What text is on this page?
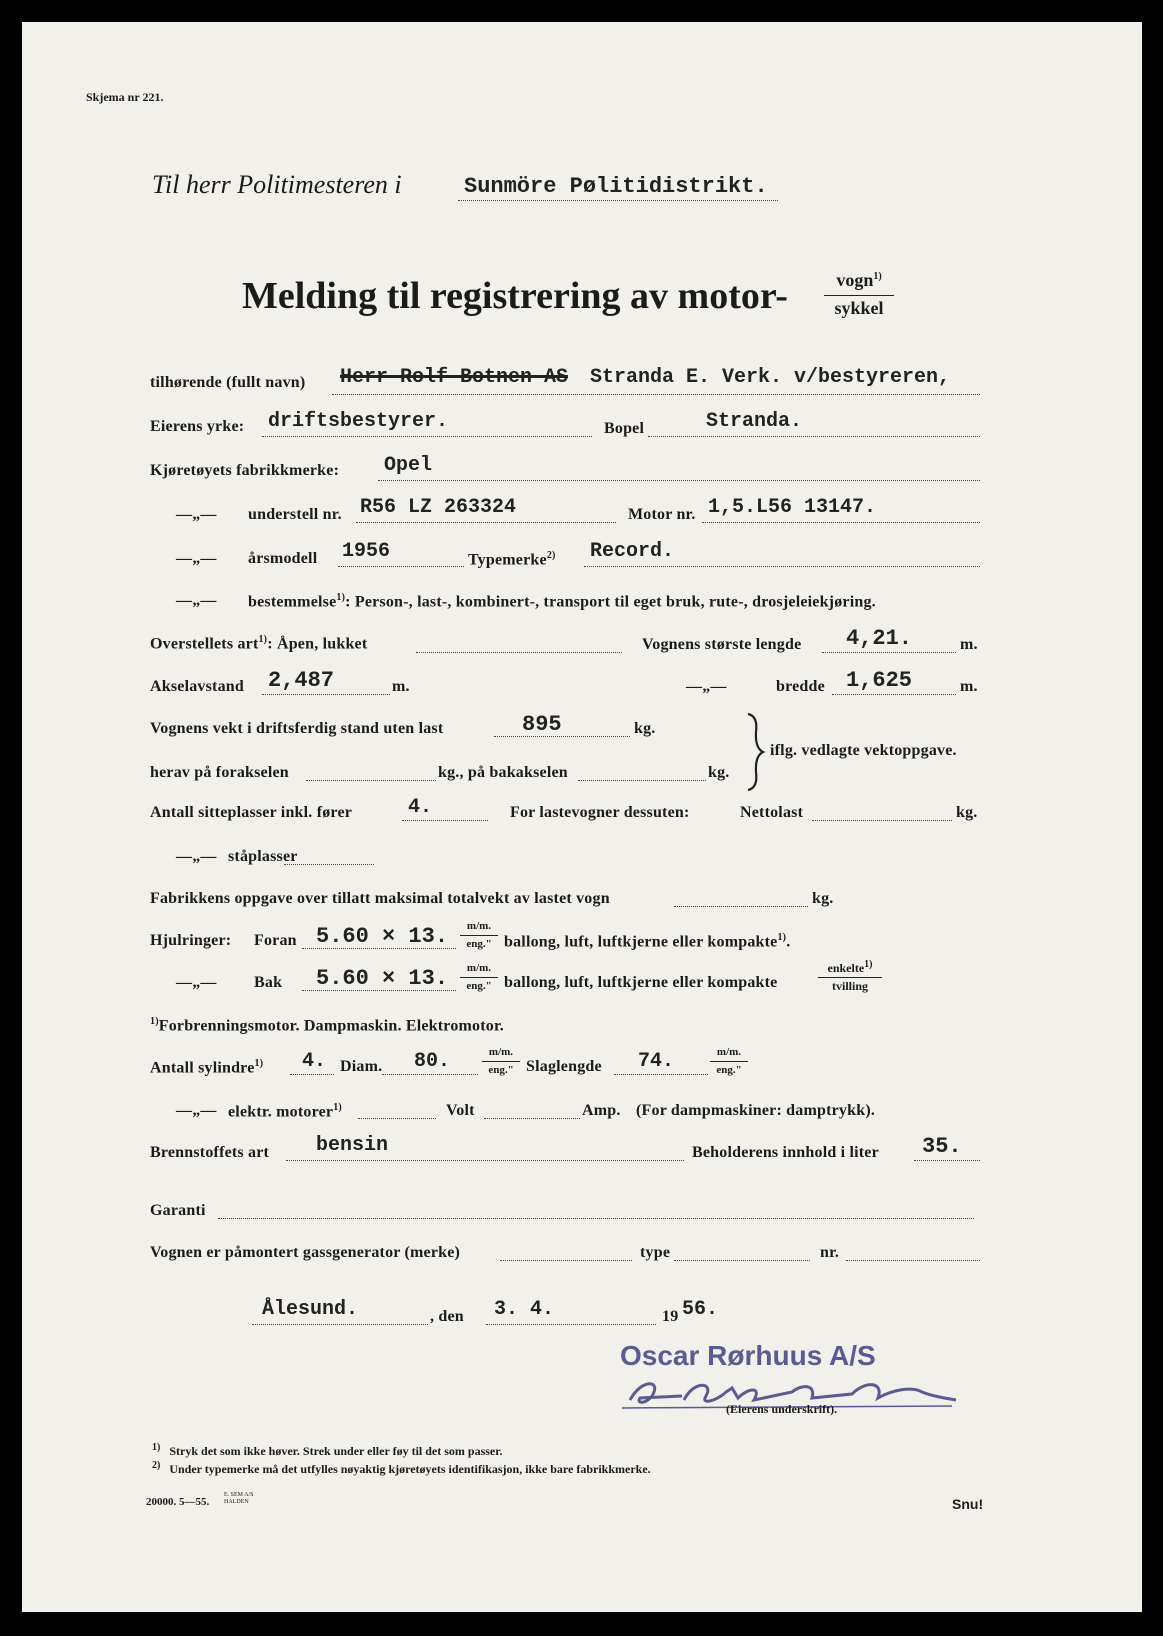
Skjema nr 221.
Til herr Politimesteren i	Sunmöre Pølitidistrikt.
Melding til registrering av motor-	vogn$^{1)}$
sykkel
tilhørende (fullt navn) Herr Rolf Botnen AS Stranda E. Verk. v/bestyreren,
Eierens yrke: driftsbestyrer.	Bopel	Stranda.
Kjøretøyets fabrikkmerke: Opel
—„— understell nr. R56 LZ 263324	Motor nr. 1,5.L56 13147.
—„— årsmodell 1956	Typemerke$^{2)}$ Record.
—„— bestemmelse$^{1)}$: Person-, last-, kombinert-, transport til eget bruk, rute-, drosjeleiekjøring.
Overstellets art$^{1)}$: Åpen, lukket	Vognens største lengde 4,21.	m.
Akselavstand 2,487	m.	—„—	bredde 1,625	m.
Vognens vekt i driftsferdig stand uten last	895	kg.
herav på forakselen	kg., på bakakselen	kg.
iflg. vedlagte vektoppgave.
Antall sitteplasser inkl. fører	4.	For lastevogner dessuten:	Nettolast	kg.
—„— ståplasser
Fabrikkens oppgave over tillatt maksimal totalvekt av lastet vogn	kg.
Hjulringer: Foran 5.60 × 13.	m/m.
eng." ballong, luft, luftkjerne eller kompakte$^{1)}$.
—„— Bak 5.60 × 13.	m/m.
eng." ballong, luft, luftkjerne eller kompakte
enkelte$^{1)}$
tvilling
$^{1)}$Forbrenningsmotor. Dampmaskin. Elektromotor.
Antall sylindre$^{1)}$ 4. Diam. 80.	m/m.
eng." Slaglengde 74.	m/m.
eng."
—„— elektr. motorer$^{1)}$	Volt	Amp. (For dampmaskiner: damptrykk).
Brennstoffets art bensin	Beholderens innhold i liter 35.
Garanti
Vognen er påmontert gassgenerator (merke)	type	nr.
Ålesund.	, den 3. 4.	19 56.
Oscar Rørhuus A/S
(Eierens underskrift).
$^{1)}$ Stryk det som ikke høver. Strek under eller føy til det som passer.
$^{2)}$ Under typemerke må det utfylles nøyaktig kjøretøyets identifikasjon, ikke bare fabrikkmerke.
20000. 5—55.
E. SEM A/S HALDEN	Snu!
